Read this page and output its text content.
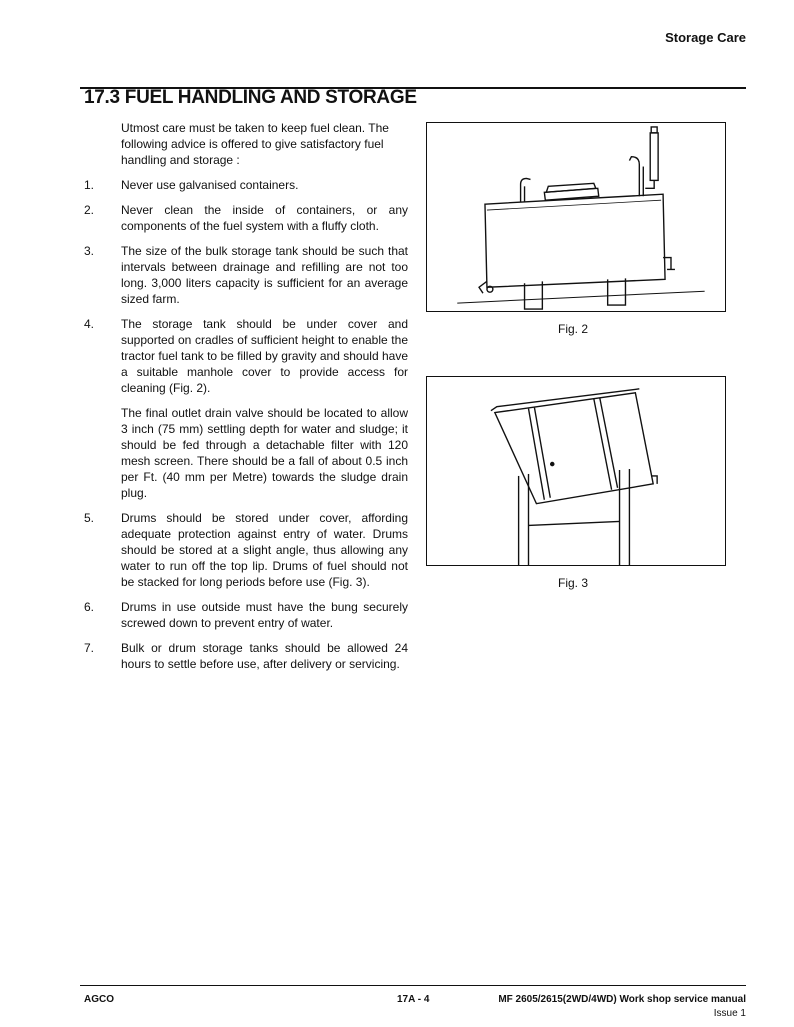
Storage Care
17.3 FUEL HANDLING AND STORAGE

Utmost care must be taken to keep fuel clean. The following advice is offered to give satisfactory fuel handling and storage :

1. Never use galvanised containers.

2. Never clean the inside of containers, or any components of the fuel system with a fluffy cloth.

3. The size of the bulk storage tank should be such that intervals between drainage and refilling are not too long. 3,000 liters capacity is sufficient for an average sized farm.

4. The storage tank should be under cover and supported on cradles of sufficient height to enable the tractor fuel tank to be filled by gravity and should have a suitable manhole cover to provide access for cleaning (Fig. 2).

The final outlet drain valve should be located to allow 3 inch (75 mm) settling depth for water and sludge; it should be fed through a detachable filter with 120 mesh screen. There should be a fall of about 0.5 inch per Ft. (40 mm per Metre) towards the sludge drain plug.

5. Drums should be stored under cover, affording adequate protection against entry of water. Drums should be stored at a slight angle, thus allowing any water to run off the top lip. Drums of fuel should not be stacked for long periods before use (Fig. 3).

6. Drums in use outside must have the bung securely screwed down to prevent entry of water.

7. Bulk or drum storage tanks should be allowed 24 hours to settle before use, after delivery or servicing.

Fig. 2
Fig. 3
AGCO	17A - 4	MF 2605/2615(2WD/4WD) Work shop service manual
Issue 1
